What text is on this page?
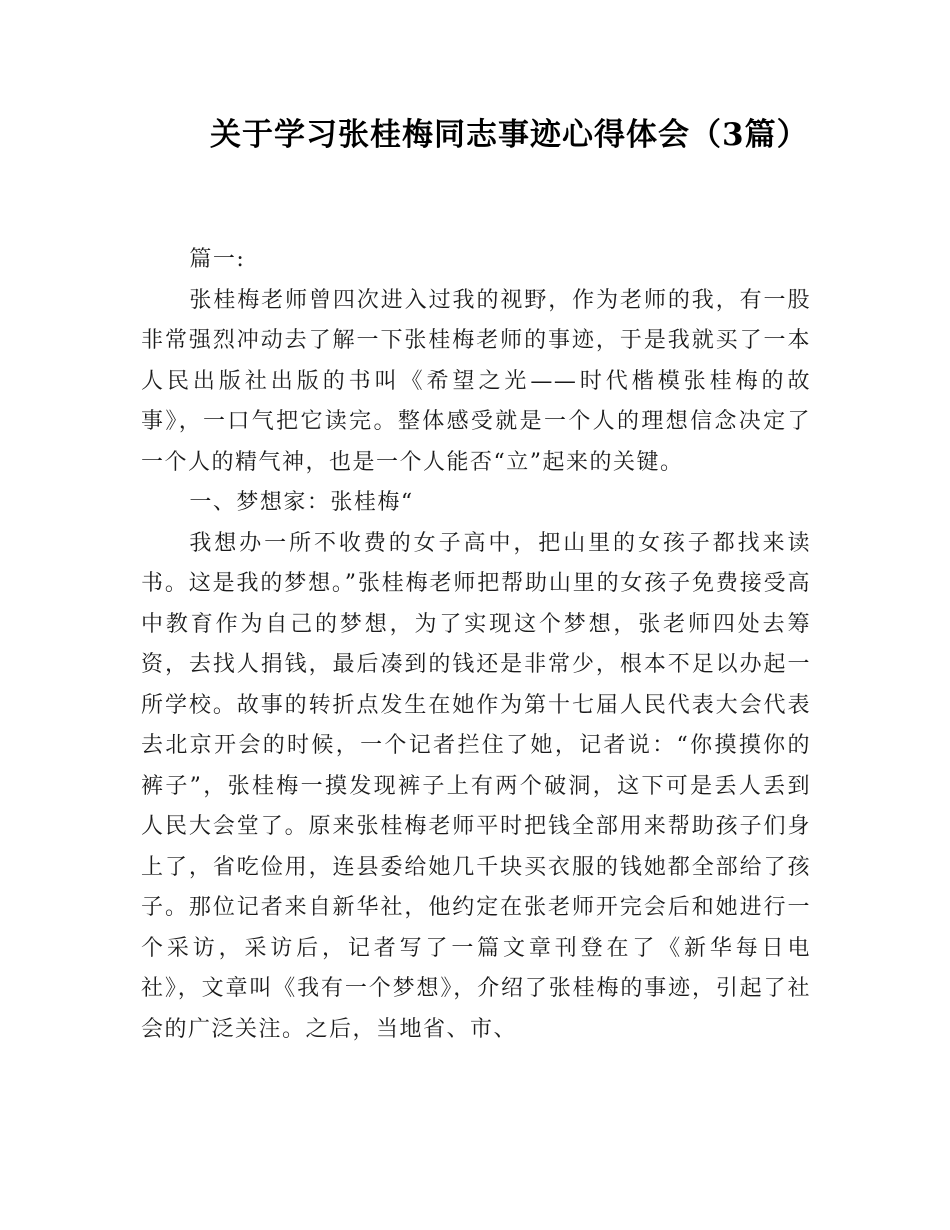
关于学习张桂梅同志事迹心得体会（3篇）

篇一:

张桂梅老师曾四次进入过我的视野，作为老师的我，有一股非常强烈冲动去了解一下张桂梅老师的事迹，于是我就买了一本人民出版社出版的书叫《希望之光——时代楷模张桂梅的故事》，一口气把它读完。整体感受就是一个人的理想信念决定了一个人的精气神，也是一个人能否“立”起来的关键。

一、梦想家：张桂梅“

我想办一所不收费的女子高中，把山里的女孩子都找来读书。这是我的梦想。”张桂梅老师把帮助山里的女孩子免费接受高中教育作为自己的梦想，为了实现这个梦想，张老师四处去筹资，去找人捐钱，最后凑到的钱还是非常少，根本不足以办起一所学校。故事的转折点发生在她作为第十七届人民代表大会代表去北京开会的时候，一个记者拦住了她，记者说：“你摸摸你的裤子”，张桂梅一摸发现裤子上有两个破洞，这下可是丢人丢到人民大会堂了。原来张桂梅老师平时把钱全部用来帮助孩子们身上了，省吃俭用，连县委给她几千块买衣服的钱她都全部给了孩子。那位记者来自新华社，他约定在张老师开完会后和她进行一个采访，采访后，记者写了一篇文章刊登在了《新华每日电社》，文章叫《我有一个梦想》，介绍了张桂梅的事迹，引起了社会的广泛关注。之后，当地省、市、
